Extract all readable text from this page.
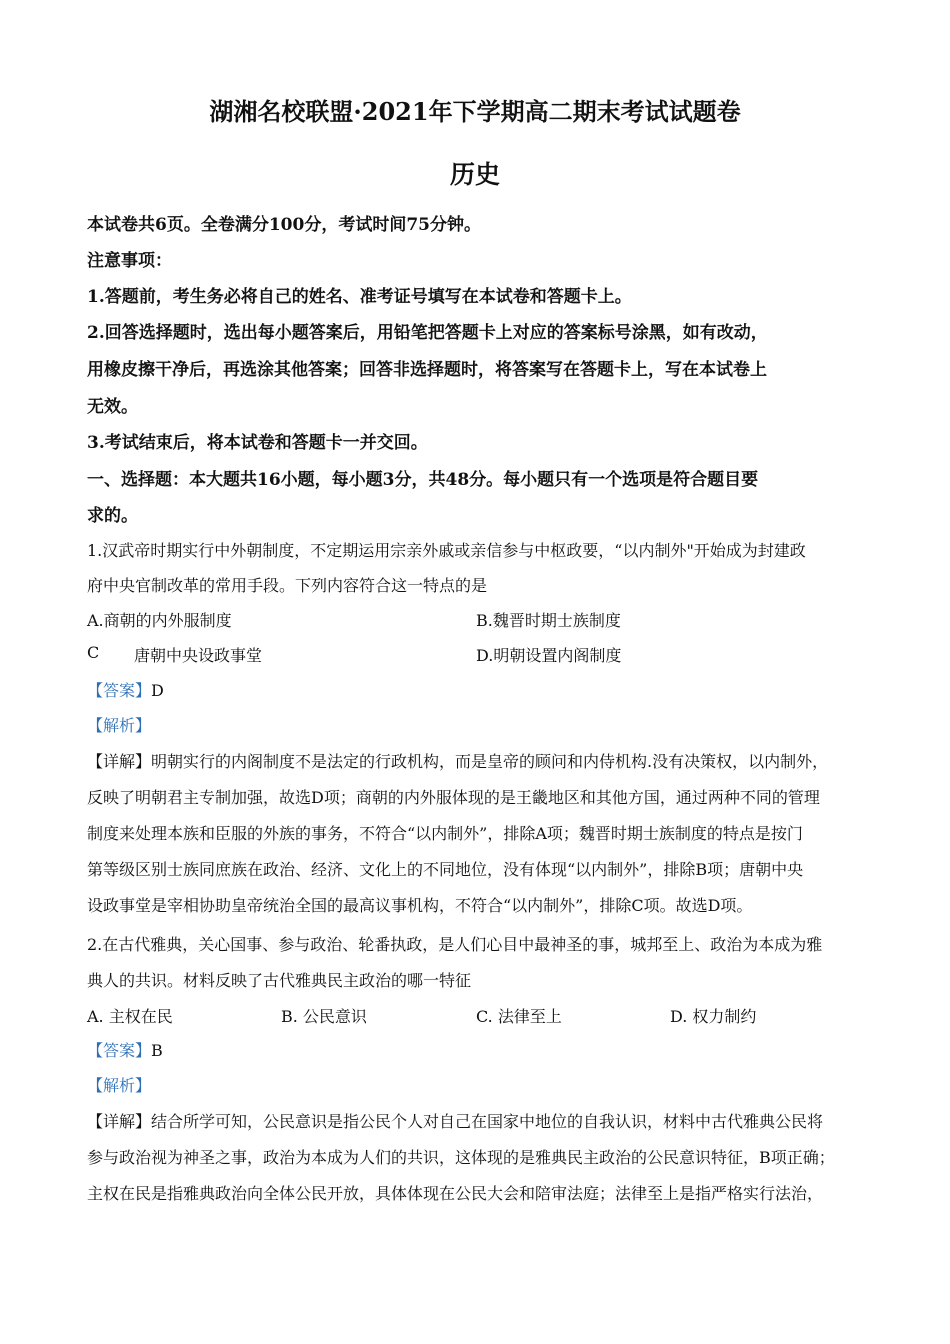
湖湘名校联盟·2021年下学期高二期末考试试题卷
历史
本试卷共6页。全卷满分100分，考试时间75分钟。
注意事项：
1.答题前，考生务必将自己的姓名、准考证号填写在本试卷和答题卡上。
2.回答选择题时，选出每小题答案后，用铅笔把答题卡上对应的答案标号涂黑，如有改动，
用橡皮擦干净后，再选涂其他答案；回答非选择题时，将答案写在答题卡上，写在本试卷上
无效。
3.考试结束后，将本试卷和答题卡一并交回。
一、选择题：本大题共16小题，每小题3分，共48分。每小题只有一个选项是符合题目要
求的。
1.汉武帝时期实行中外朝制度，不定期运用宗亲外戚或亲信参与中枢政要，“以内制外"开始成为封建政
府中央官制改革的常用手段。下列内容符合这一特点的是
A.商朝的内外服制度	B.魏晋时期士族制度
C 唐朝中央设政事堂	D.明朝设置内阁制度
【答案】D
【解析】
【详解】明朝实行的内阁制度不是法定的行政机构，而是皇帝的顾问和内侍机构.没有决策权，以内制外，
反映了明朝君主专制加强，故选D项；商朝的内外服体现的是王畿地区和其他方国，通过两种不同的管理
制度来处理本族和臣服的外族的事务，不符合“以内制外”，排除A项；魏晋时期士族制度的特点是按门
第等级区别士族同庶族在政治、经济、文化上的不同地位，没有体现“以内制外”，排除B项；唐朝中央
设政事堂是宰相协助皇帝统治全国的最高议事机构，不符合“以内制外”，排除C项。故选D项。
2.在古代雅典，关心国事、参与政治、轮番执政，是人们心目中最神圣的事，城邦至上、政治为本成为雅
典人的共识。材料反映了古代雅典民主政治的哪一特征
A. 主权在民	B. 公民意识	C. 法律至上	D. 权力制约
【答案】B
【解析】
【详解】结合所学可知，公民意识是指公民个人对自己在国家中地位的自我认识，材料中古代雅典公民将
参与政治视为神圣之事，政治为本成为人们的共识，这体现的是雅典民主政治的公民意识特征，B项正确；
主权在民是指雅典政治向全体公民开放，具体体现在公民大会和陪审法庭；法律至上是指严格实行法治，
